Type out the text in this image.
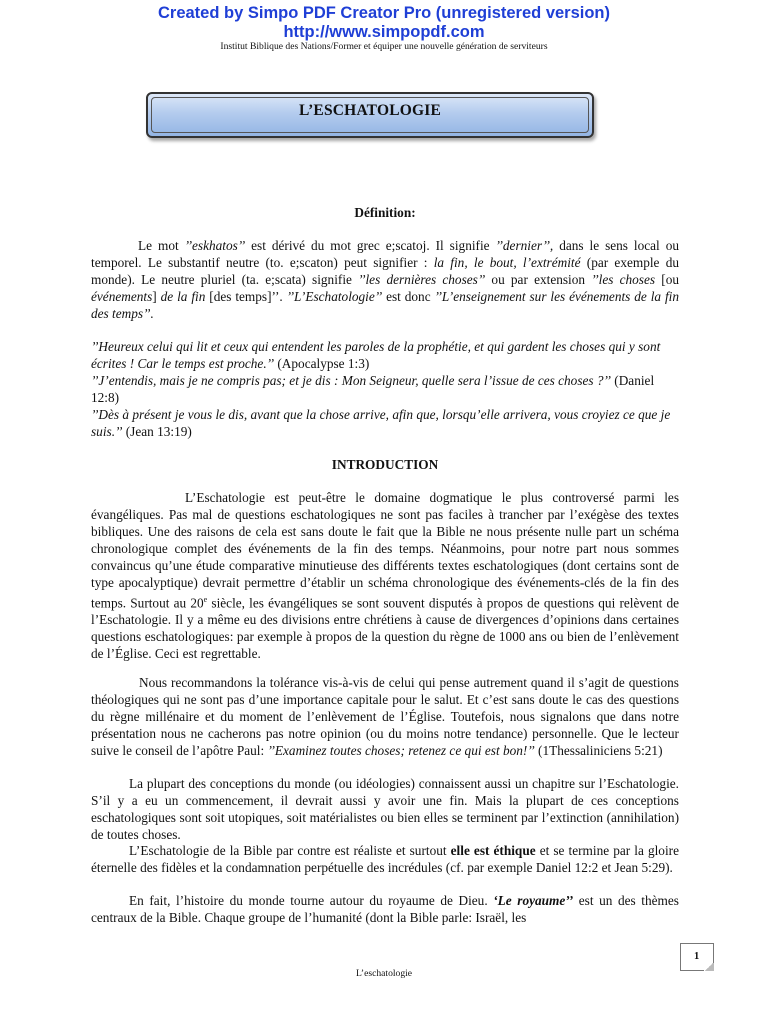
Created by Simpo PDF Creator Pro (unregistered version)

http://www.simpopdf.com

Institut Biblique des Nations/Former et équiper une nouvelle génération de serviteurs

L’ESCHATOLOGIE

Définition:

Le mot ’’eskhatos’’ est dérivé du mot grec e;scatoj. Il signifie ’’dernier’’, dans le sens local ou temporel. Le substantif neutre (to. e;scaton) peut signifier : la fin, le bout, l’extrémité (par exemple du monde). Le neutre pluriel (ta. e;scata) signifie ’’les dernières choses’’ ou par extension ’’les choses [ou événements] de la fin [des temps]’’. ’’L’Eschatologie’’ est donc ’’L’enseignement sur les événements de la fin des temps’’.

’’Heureux celui qui lit et ceux qui entendent les paroles de la prophétie, et qui gardent les choses qui y sont écrites ! Car le temps est proche.’’ (Apocalypse 1:3)

’’J’entendis, mais je ne compris pas; et je dis : Mon Seigneur, quelle sera l’issue de ces choses ?’’ (Daniel 12:8)

’’Dès à présent je vous le dis, avant que la chose arrive, afin que, lorsqu’elle arrivera, vous croyiez ce que je suis.’’ (Jean 13:19)

INTRODUCTION

L’Eschatologie est peut-être le domaine dogmatique le plus controversé parmi les évangéliques. Pas mal de questions eschatologiques ne sont pas faciles à trancher par l’exégèse des textes bibliques. Une des raisons de cela est sans doute le fait que la Bible ne nous présente nulle part un schéma chronologique complet des événements de la fin des temps. Néanmoins, pour notre part nous sommes convaincus qu’une étude comparative minutieuse des différents textes eschatologiques (dont certains sont de type apocalyptique) devrait permettre d’établir un schéma chronologique des événements-clés de la fin des temps. Surtout au 20e siècle, les évangéliques se sont souvent disputés à propos de questions qui relèvent de l’Eschatologie. Il y a même eu des divisions entre chrétiens à cause de divergences d’opinions dans certaines questions eschatologiques: par exemple à propos de la question du règne de 1000 ans ou bien de l’enlèvement de l’Église. Ceci est regrettable.

Nous recommandons la tolérance vis-à-vis de celui qui pense autrement quand il s’agit de questions théologiques qui ne sont pas d’une importance capitale pour le salut. Et c’est sans doute le cas des questions du règne millénaire et du moment de l’enlèvement de l’Église. Toutefois, nous signalons que dans notre présentation nous ne cacherons pas notre opinion (ou du moins notre tendance) personnelle. Que le lecteur suive le conseil de l’apôtre Paul: ’’Examinez toutes choses; retenez ce qui est bon!’’ (1Thessaliniciens 5:21)

La plupart des conceptions du monde (ou idéologies) connaissent aussi un chapitre sur l’Eschatologie. S’il y a eu un commencement, il devrait aussi y avoir une fin. Mais la plupart de ces conceptions eschatologiques sont soit utopiques, soit matérialistes ou bien elles se terminent par l’extinction (annihilation) de toutes choses.

L’Eschatologie de la Bible par contre est réaliste et surtout elle est éthique et se termine par la gloire éternelle des fidèles et la condamnation perpétuelle des incrédules (cf. par exemple Daniel 12:2 et Jean 5:29).

En fait, l’histoire du monde tourne autour du royaume de Dieu. ‘Le royaume’’ est un des thèmes centraux de la Bible. Chaque groupe de l’humanité (dont la Bible parle: Israël, les

1

L’eschatologie
